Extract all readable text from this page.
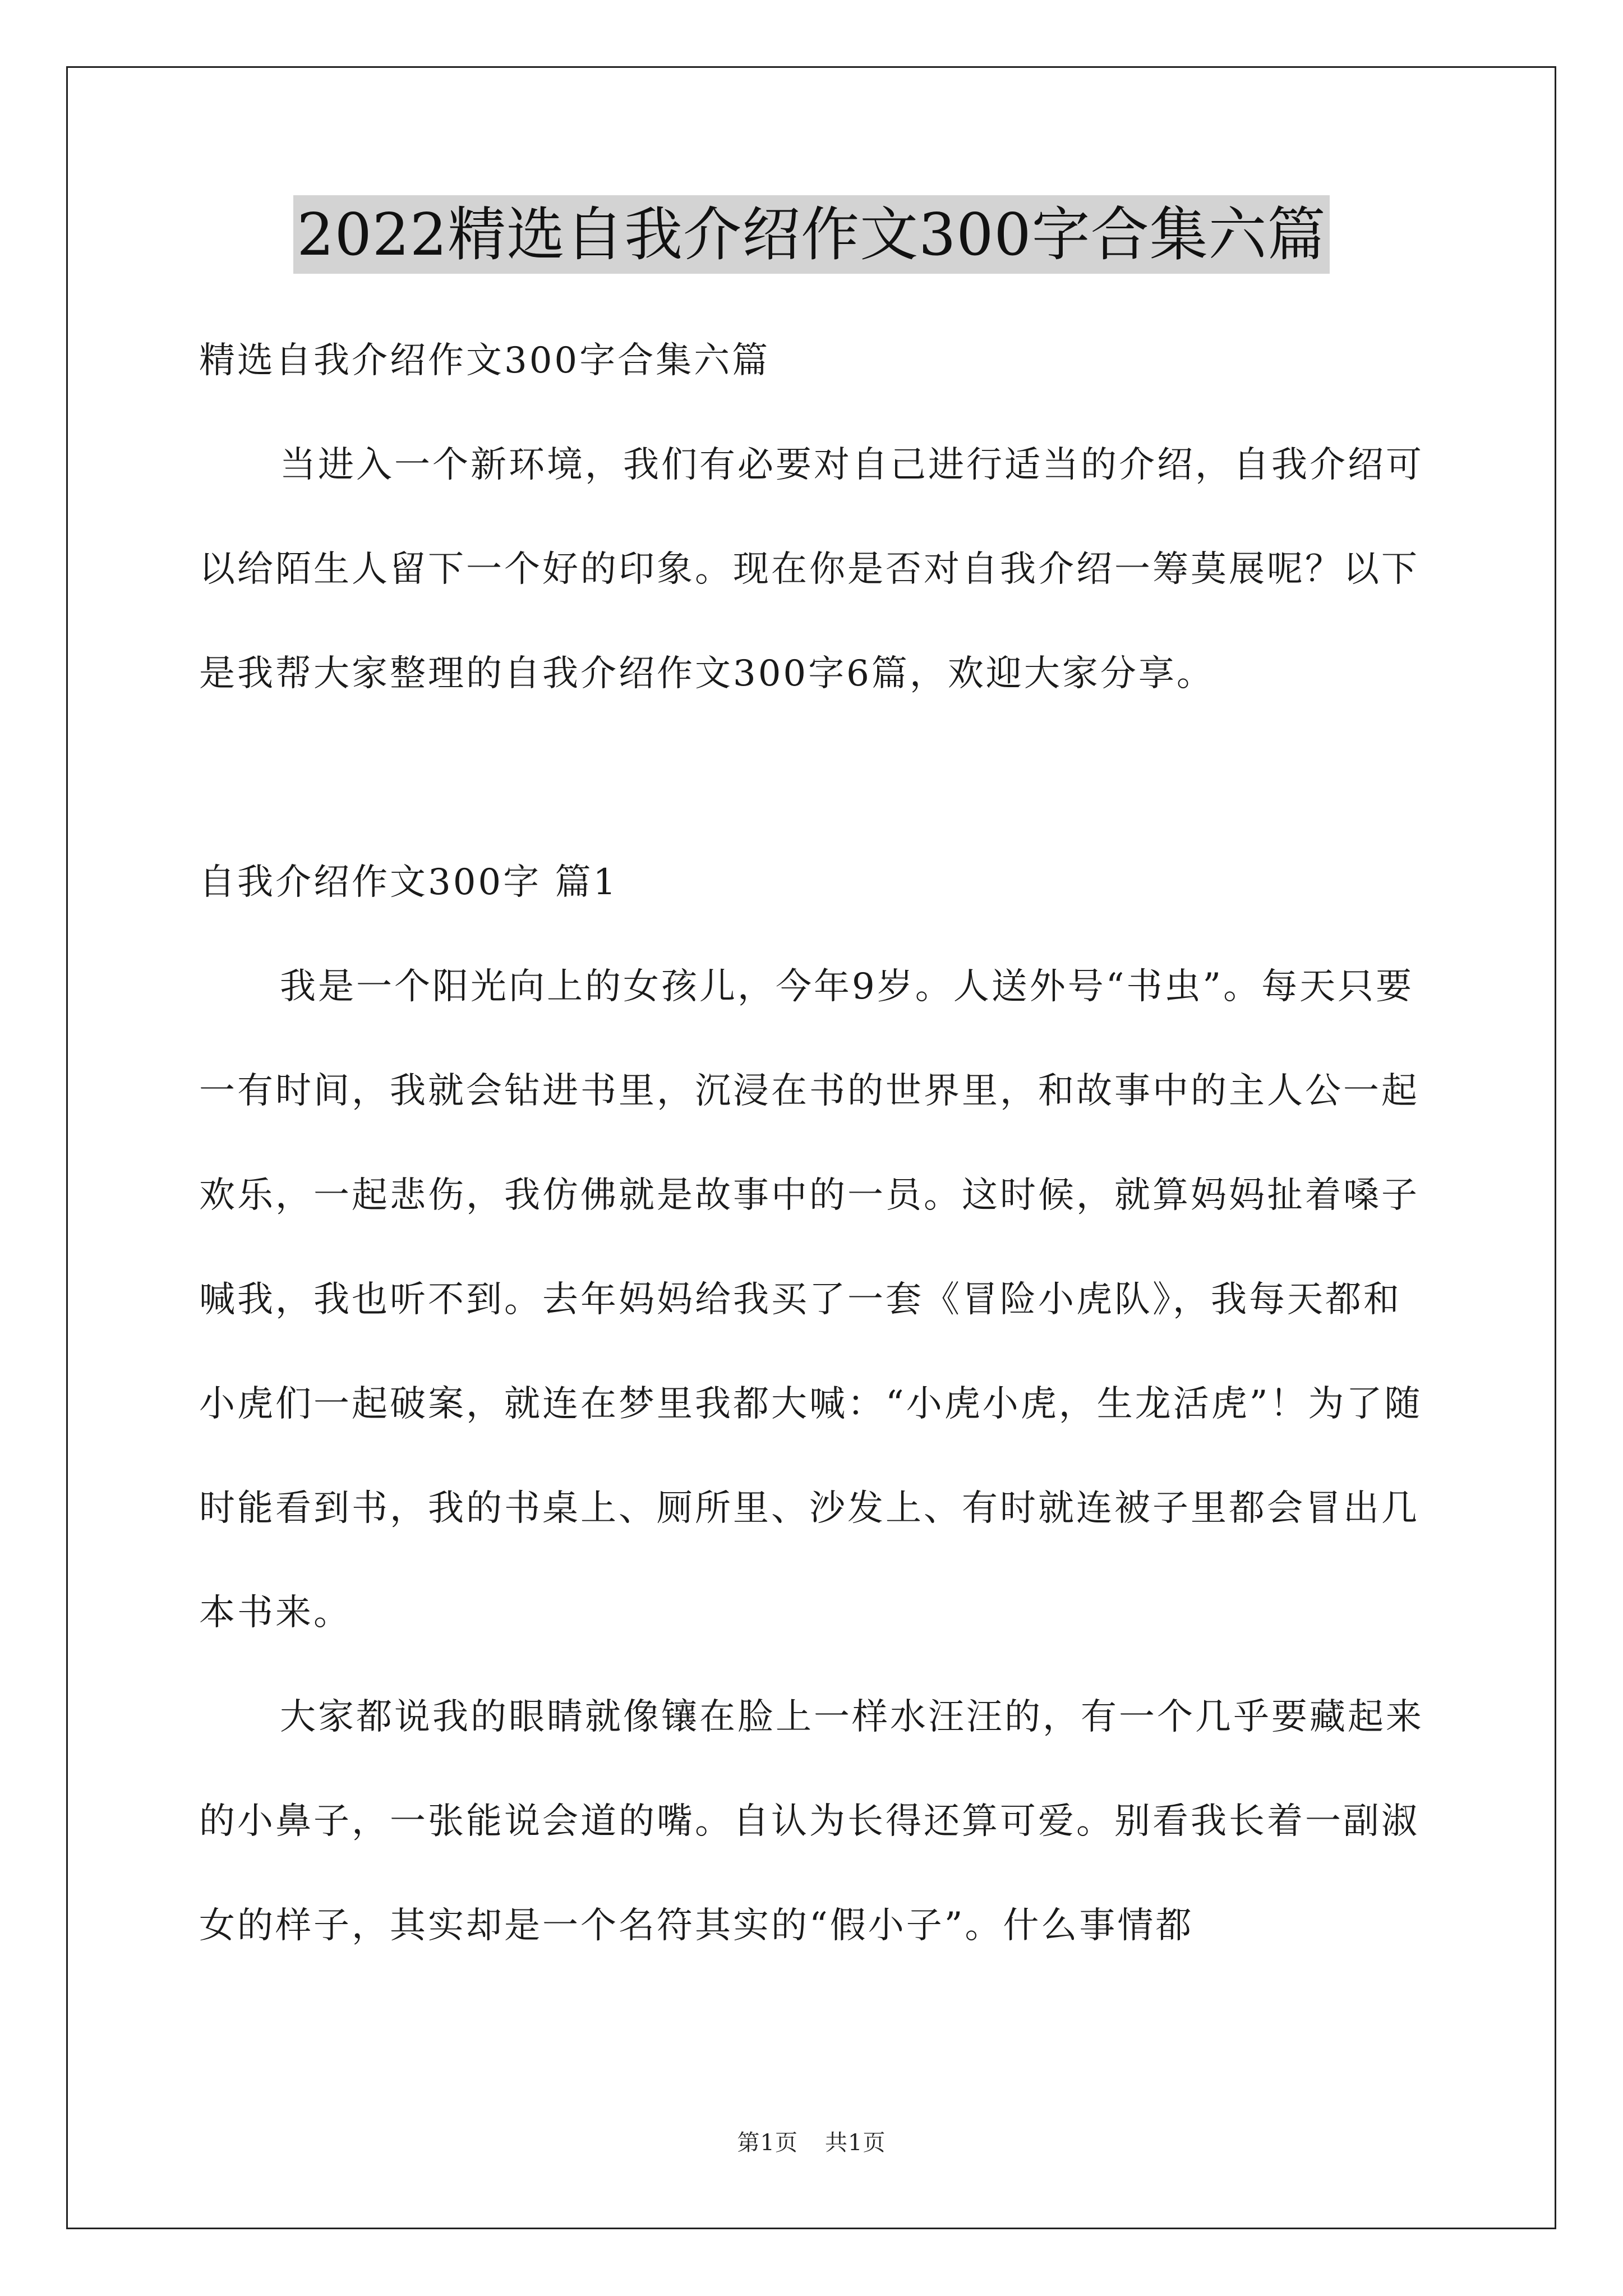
2022精选自我介绍作文300字合集六篇

精选自我介绍作文300字合集六篇

当进入一个新环境，我们有必要对自己进行适当的介绍，自我介绍可以给陌生人留下一个好的印象。现在你是否对自我介绍一筹莫展呢？以下是我帮大家整理的自我介绍作文300字6篇，欢迎大家分享。

自我介绍作文300字 篇1

我是一个阳光向上的女孩儿，今年9岁。人送外号“书虫”。每天只要一有时间，我就会钻进书里，沉浸在书的世界里，和故事中的主人公一起欢乐，一起悲伤，我仿佛就是故事中的一员。这时候，就算妈妈扯着嗓子喊我，我也听不到。去年妈妈给我买了一套《冒险小虎队》，我每天都和小虎们一起破案，就连在梦里我都大喊：“小虎小虎，生龙活虎”！为了随时能看到书，我的书桌上、厕所里、沙发上、有时就连被子里都会冒出几本书来。

大家都说我的眼睛就像镶在脸上一样水汪汪的，有一个几乎要藏起来的小鼻子，一张能说会道的嘴。自认为长得还算可爱。别看我长着一副淑女的样子，其实却是一个名符其实的“假小子”。什么事情都

第1页 共1页
